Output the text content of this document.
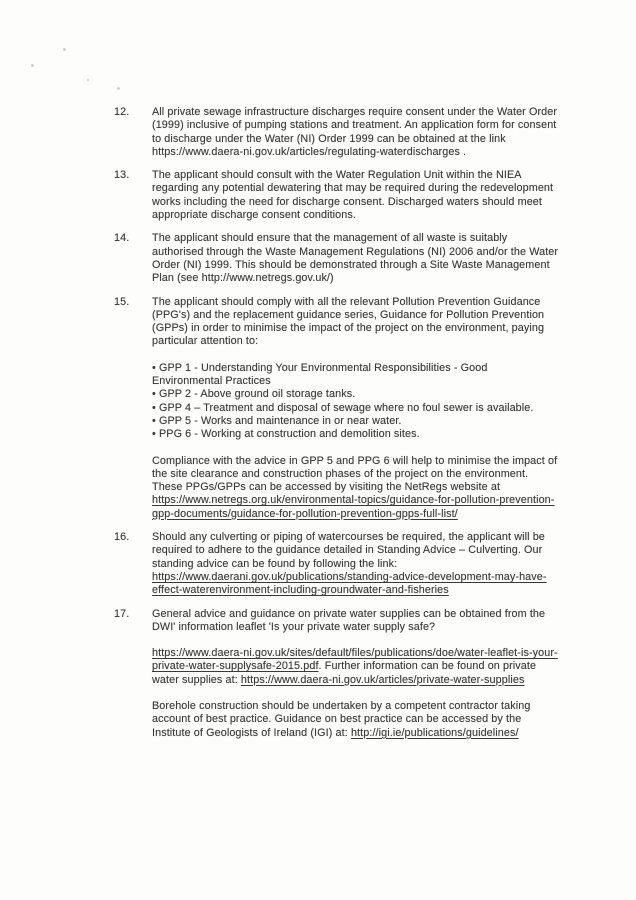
12.	All private sewage infrastructure discharges require consent under the Water Order (1999) inclusive of pumping stations and treatment. An application form for consent to discharge under the Water (NI) Order 1999 can be obtained at the link https://www.daera-ni.gov.uk/articles/regulating-waterdischarges .

13.	The applicant should consult with the Water Regulation Unit within the NIEA regarding any potential dewatering that may be required during the redevelopment works including the need for discharge consent. Discharged waters should meet appropriate discharge consent conditions.

14.	The applicant should ensure that the management of all waste is suitably authorised through the Waste Management Regulations (NI) 2006 and/or the Water Order (NI) 1999. This should be demonstrated through a Site Waste Management Plan (see http://www.netregs.gov.uk/)

15.	The applicant should comply with all the relevant Pollution Prevention Guidance (PPG's) and the replacement guidance series, Guidance for Pollution Prevention (GPPs) in order to minimise the impact of the project on the environment, paying particular attention to:

• GPP 1 - Understanding Your Environmental Responsibilities - Good Environmental Practices
• GPP 2 - Above ground oil storage tanks.
• GPP 4 – Treatment and disposal of sewage where no foul sewer is available.
• GPP 5 - Works and maintenance in or near water.
• PPG 6 - Working at construction and demolition sites.

Compliance with the advice in GPP 5 and PPG 6 will help to minimise the impact of the site clearance and construction phases of the project on the environment. These PPGs/GPPs can be accessed by visiting the NetRegs website at https://www.netregs.org.uk/environmental-topics/guidance-for-pollution-prevention-gpp-documents/guidance-for-pollution-prevention-gpps-full-list/

16.	Should any culverting or piping of watercourses be required, the applicant will be required to adhere to the guidance detailed in Standing Advice – Culverting. Our standing advice can be found by following the link: https://www.daerani.gov.uk/publications/standing-advice-development-may-have-effect-waterenvironment-including-groundwater-and-fisheries

17.	General advice and guidance on private water supplies can be obtained from the DWI' information leaflet 'Is your private water supply safe?

https://www.daera-ni.gov.uk/sites/default/files/publications/doe/water-leaflet-is-your-private-water-supplysafe-2015.pdf. Further information can be found on private water supplies at: https://www.daera-ni.gov.uk/articles/private-water-supplies

Borehole construction should be undertaken by a competent contractor taking account of best practice. Guidance on best practice can be accessed by the Institute of Geologists of Ireland (IGI) at: http://igi.ie/publications/guidelines/
